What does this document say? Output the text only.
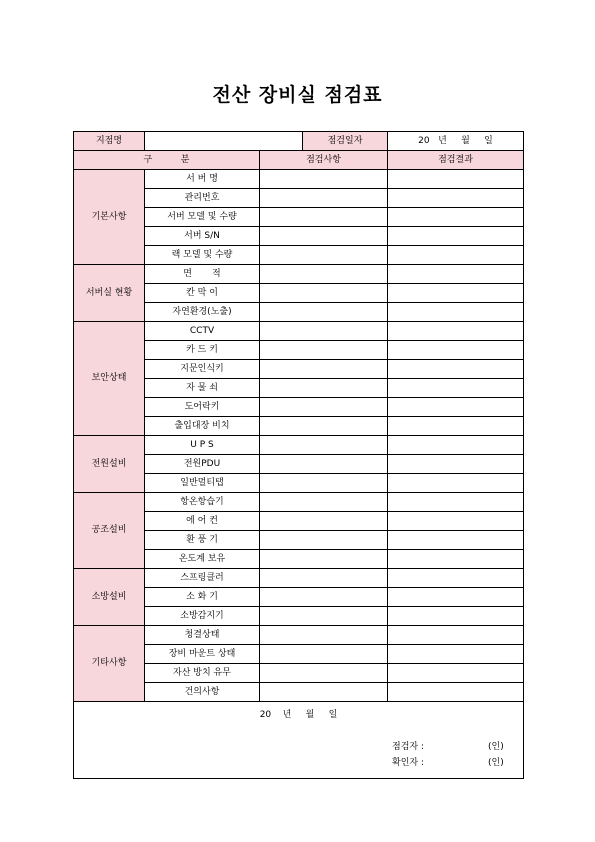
전산 장비실 점검표
지점명			점검일자	20   년     월     일
구          분		점검사항		점검결과
기본사항	서 버 명			
	관리번호			
	서버 모델 및 수량			
	서버 S/N			
	랙 모델 및 수량			
서버실 현황	면       적			
	칸 막 이			
	자연환경(노출)			
보안상태	CCTV			
	카 드 키			
	지문인식키			
	자 물 쇠			
	도어락키			
	출입대장 비치			
전원설비	U P S			
	전원PDU			
	일반멀티탭			
공조설비	항온항습기			
	에 어 컨			
	환 풍 기			
	온도계 보유			
소방설비	스프링클러			
	소 화 기			
	소방감지기			
기타사항	청결상태			
	장비 마운트 상태			
	자산 방치 유무			
	건의사항			

20    년     월     일
점검자 : (인)
확인자 : (인)				
